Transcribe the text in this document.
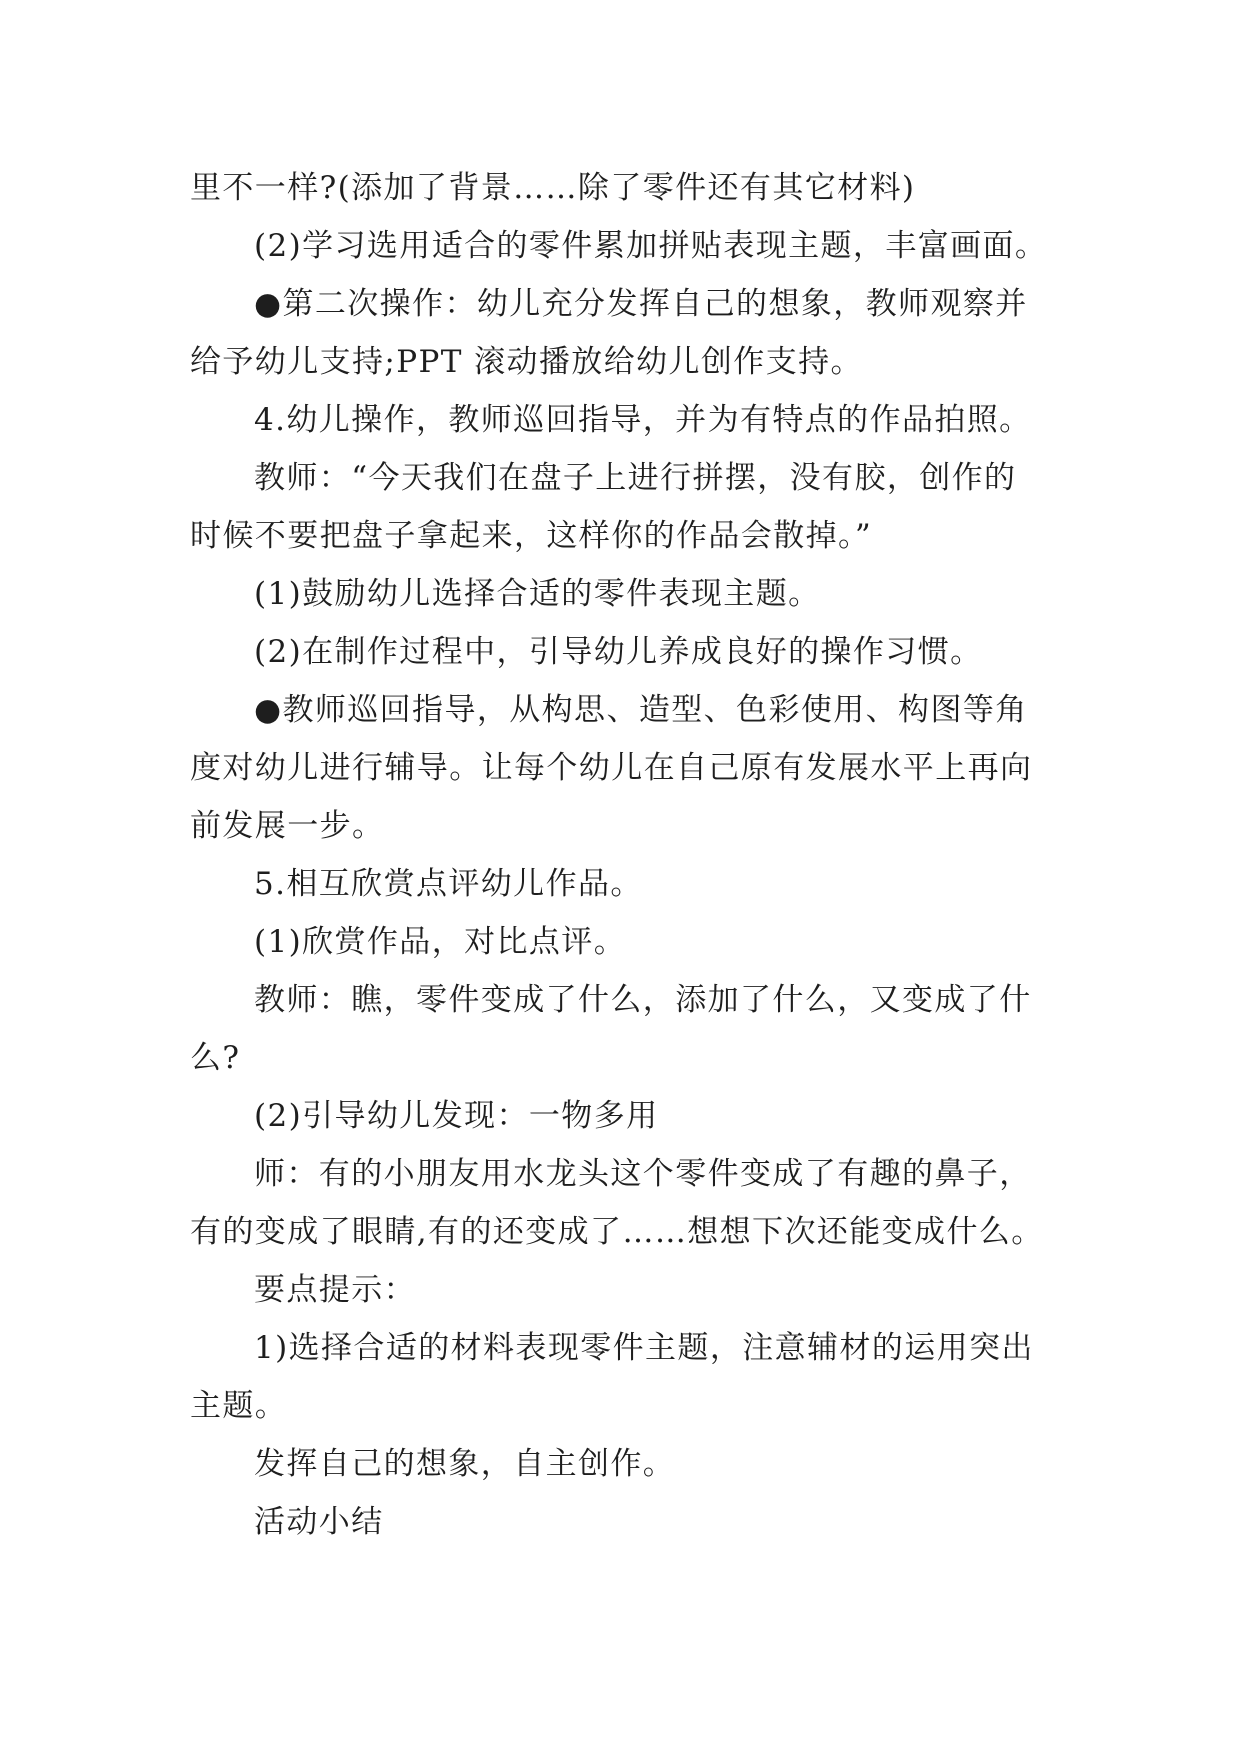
里不一样?(添加了背景……除了零件还有其它材料)
(2)学习选用适合的零件累加拼贴表现主题，丰富画面。
●第二次操作：幼儿充分发挥自己的想象，教师观察并
给予幼儿支持;PPT 滚动播放给幼儿创作支持。
4.幼儿操作，教师巡回指导，并为有特点的作品拍照。
教师：“今天我们在盘子上进行拼摆，没有胶，创作的
时候不要把盘子拿起来，这样你的作品会散掉。”
(1)鼓励幼儿选择合适的零件表现主题。
(2)在制作过程中，引导幼儿养成良好的操作习惯。
●教师巡回指导，从构思、造型、色彩使用、构图等角
度对幼儿进行辅导。让每个幼儿在自己原有发展水平上再向
前发展一步。
5.相互欣赏点评幼儿作品。
(1)欣赏作品，对比点评。
教师：瞧，零件变成了什么，添加了什么，又变成了什
么?
(2)引导幼儿发现：一物多用
师：有的小朋友用水龙头这个零件变成了有趣的鼻子，
有的变成了眼睛,有的还变成了……想想下次还能变成什么。
要点提示：
1)选择合适的材料表现零件主题，注意辅材的运用突出
主题。
发挥自己的想象，自主创作。
活动小结
